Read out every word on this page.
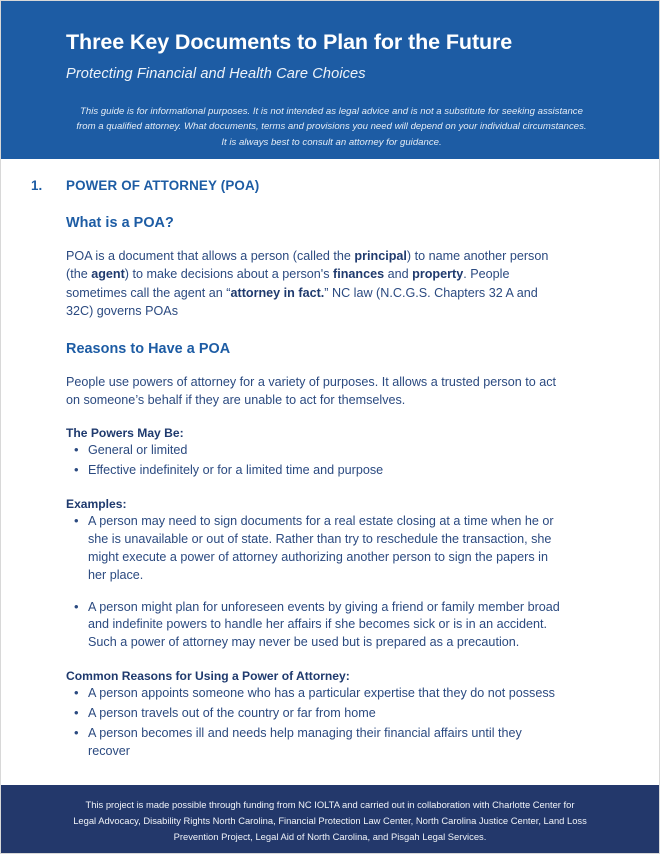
Three Key Documents to Plan for the Future
Protecting Financial and Health Care Choices
This guide is for informational purposes. It is not intended as legal advice and is not a substitute for seeking assistance from a qualified attorney. What documents, terms and provisions you need will depend on your individual circumstances. It is always best to consult an attorney for guidance.
1.	POWER OF ATTORNEY (POA)
What is a POA?

POA is a document that allows a person (called the principal) to name another person (the agent) to make decisions about a person's finances and property. People sometimes call the agent an “attorney in fact.” NC law (N.C.G.S. Chapters 32 A and 32C) governs POAs

Reasons to Have a POA

People use powers of attorney for a variety of purposes. It allows a trusted person to act on someone’s behalf if they are unable to act for themselves.

The Powers May Be:
• General or limited
• Effective indefinitely or for a limited time and purpose
Examples:
• A person may need to sign documents for a real estate closing at a time when he or she is unavailable or out of state. Rather than try to reschedule the transaction, she might execute a power of attorney authorizing another person to sign the papers in her place.
• A person might plan for unforeseen events by giving a friend or family member broad and indefinite powers to handle her affairs if she becomes sick or is in an accident. Such a power of attorney may never be used but is prepared as a precaution.
Common Reasons for Using a Power of Attorney:
• A person appoints someone who has a particular expertise that they do not possess
• A person travels out of the country or far from home
• A person becomes ill and needs help managing their financial affairs until they recover

This project is made possible through funding from NC IOLTA and carried out in collaboration with Charlotte Center for Legal Advocacy, Disability Rights North Carolina, Financial Protection Law Center, North Carolina Justice Center, Land Loss Prevention Project, Legal Aid of North Carolina, and Pisgah Legal Services.
